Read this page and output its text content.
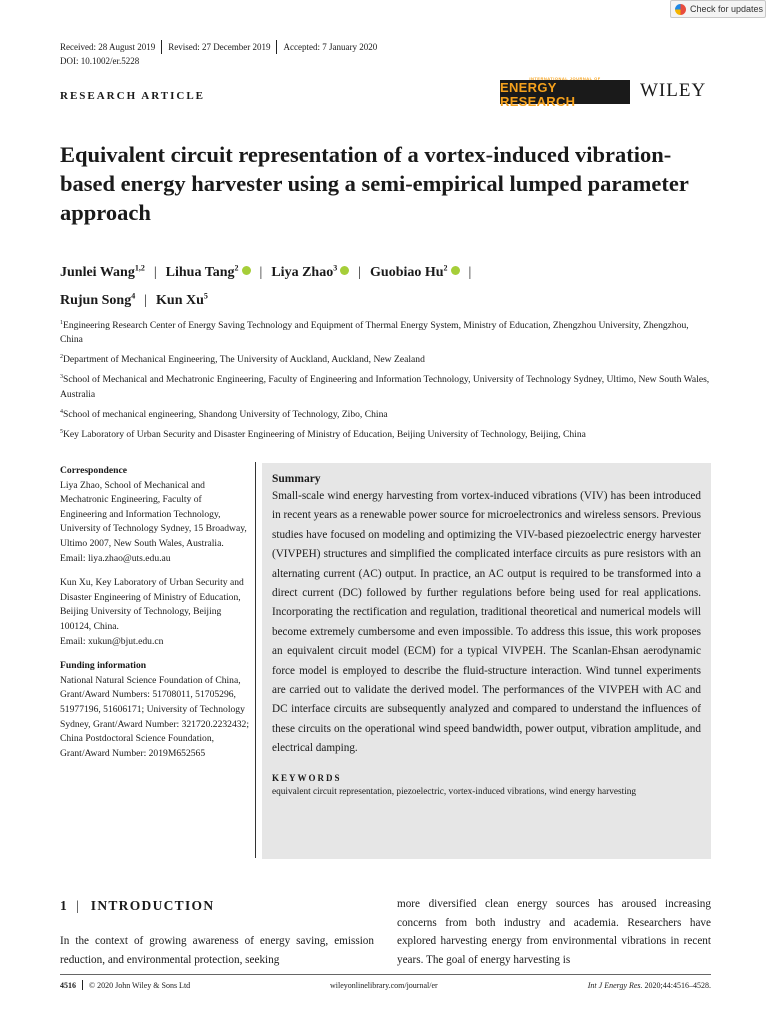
Check for updates
Received: 28 August 2019 Revised: 27 December 2019 Accepted: 7 January 2020
DOI: 10.1002/er.5228
RESEARCH ARTICLE
INTERNATIONAL JOURNAL OF
ENERGY RESEARCH	WILEY
Equivalent circuit representation of a vortex-induced vibration-based energy harvester using a semi-empirical lumped parameter approach
Junlei Wang$^{1,2}$ | Lihua Tang$^2$ | Liya Zhao$^3$ | Guobiao Hu$^2$ |
Rujun Song$^4$ | Kun Xu$^5$

$^1$Engineering Research Center of Energy Saving Technology and Equipment of Thermal Energy System, Ministry of Education, Zhengzhou University, Zhengzhou, China

$^2$Department of Mechanical Engineering, The University of Auckland, Auckland, New Zealand

$^3$School of Mechanical and Mechatronic Engineering, Faculty of Engineering and Information Technology, University of Technology Sydney, Ultimo, New South Wales, Australia

$^4$School of mechanical engineering, Shandong University of Technology, Zibo, China

$^5$Key Laboratory of Urban Security and Disaster Engineering of Ministry of Education, Beijing University of Technology, Beijing, China

Correspondence

Liya Zhao, School of Mechanical and Mechatronic Engineering, Faculty of Engineering and Information Technology, University of Technology Sydney, 15 Broadway, Ultimo 2007, New South Wales, Australia.
Email: liya.zhao@uts.edu.au

Kun Xu, Key Laboratory of Urban Security and Disaster Engineering of Ministry of Education, Beijing University of Technology, Beijing 100124, China.
Email: xukun@bjut.edu.cn

Funding information

National Natural Science Foundation of China, Grant/Award Numbers: 51708011, 51705296, 51977196, 51606171; University of Technology Sydney, Grant/Award Number: 321720.2232432; China Postdoctoral Science Foundation, Grant/Award Number: 2019M652565

Summary

Small-scale wind energy harvesting from vortex-induced vibrations (VIV) has been introduced in recent years as a renewable power source for microelectronics and wireless sensors. Previous studies have focused on modeling and optimizing the VIV-based piezoelectric energy harvester (VIVPEH) structures and simplified the complicated interface circuits as pure resistors with an alternating current (AC) output. In practice, an AC output is required to be transformed into a direct current (DC) followed by further regulations before being used for real applications. Incorporating the rectification and regulation, traditional theoretical and numerical models will become extremely cumbersome and even impossible. To address this issue, this work proposes an equivalent circuit model (ECM) for a typical VIVPEH. The Scanlan-Ehsan aerodynamic force model is employed to describe the fluid-structure interaction. Wind tunnel experiments are carried out to validate the derived model. The performances of the VIVPEH with AC and DC interface circuits are subsequently analyzed and compared to understand the influences of these circuits on the operational wind speed bandwidth, power output, vibration amplitude, and electrical damping.

KEYWORDS

equivalent circuit representation, piezoelectric, vortex-induced vibrations, wind energy harvesting

1 | INTRODUCTION
In the context of growing awareness of energy saving, emission reduction, and environmental protection, seeking
more diversified clean energy sources has aroused increasing concerns from both industry and academia. Researchers have explored harvesting energy from environmental vibrations in recent years. The goal of energy harvesting is
4516 © 2020 John Wiley & Sons Ltd	wileyonlinelibrary.com/journal/er	Int J Energy Res. 2020;44:4516–4528.
